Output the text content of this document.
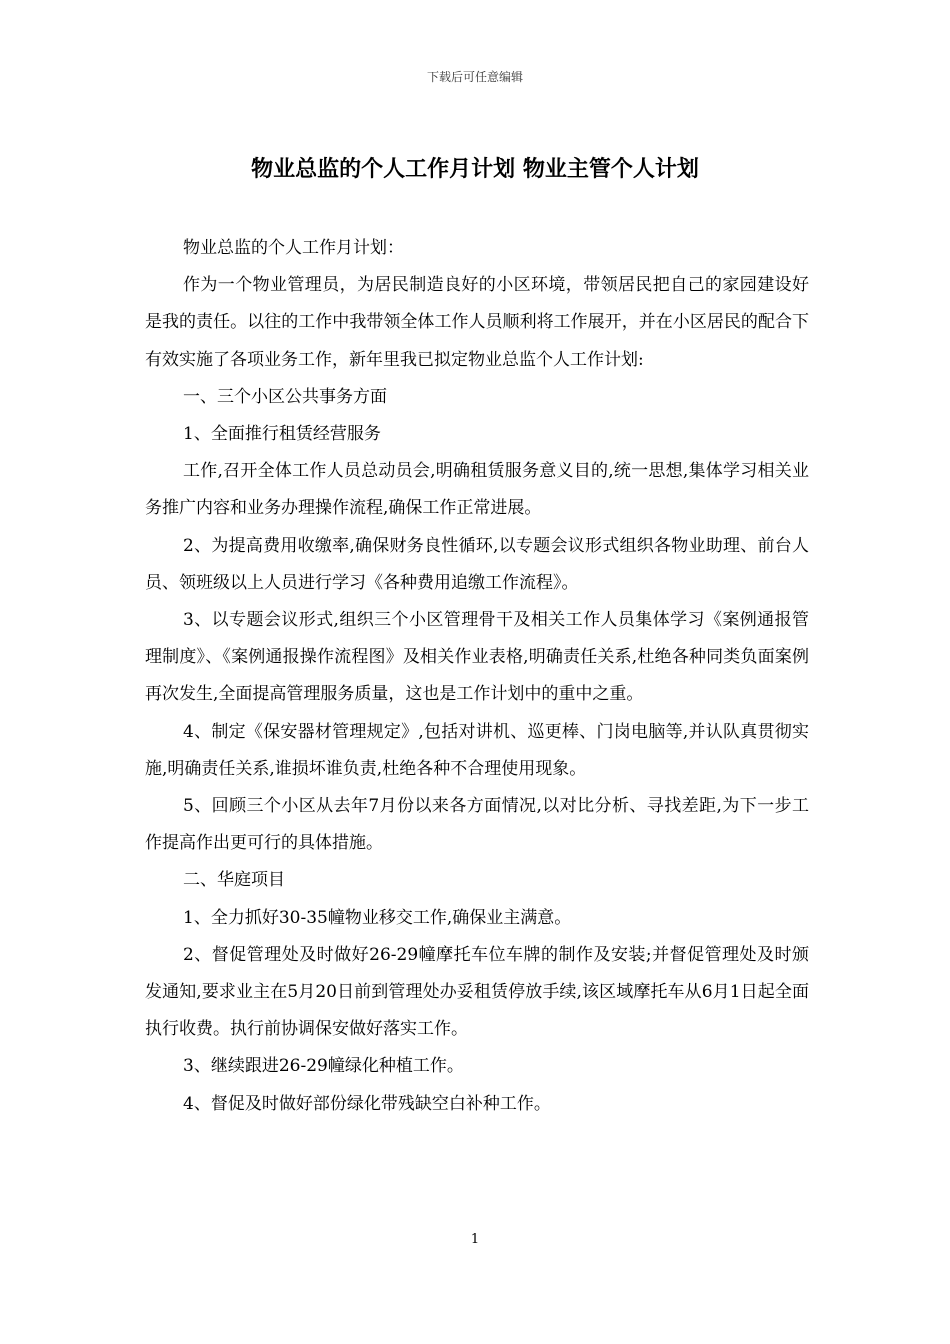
下载后可任意编辑
物业总监的个人工作月计划 物业主管个人计划

物业总监的个人工作月计划：

作为一个物业管理员，为居民制造良好的小区环境，带领居民把自己的家园建设好是我的责任。以往的工作中我带领全体工作人员顺利将工作展开，并在小区居民的配合下有效实施了各项业务工作，新年里我已拟定物业总监个人工作计划:

一、三个小区公共事务方面

1、全面推行租赁经营服务

工作,召开全体工作人员总动员会,明确租赁服务意义目的,统一思想,集体学习相关业务推广内容和业务办理操作流程,确保工作正常进展。

2、为提高费用收缴率,确保财务良性循环,以专题会议形式组织各物业助理、前台人员、领班级以上人员进行学习《各种费用追缴工作流程》。

3、以专题会议形式,组织三个小区管理骨干及相关工作人员集体学习《案例通报管理制度》、《案例通报操作流程图》及相关作业表格,明确责任关系,杜绝各种同类负面案例再次发生,全面提高管理服务质量，这也是工作计划中的重中之重。

4、制定《保安器材管理规定》,包括对讲机、巡更棒、门岗电脑等,并认队真贯彻实施,明确责任关系,谁损坏谁负责,杜绝各种不合理使用现象。

5、回顾三个小区从去年7月份以来各方面情况,以对比分析、寻找差距,为下一步工作提高作出更可行的具体措施。

二、华庭项目

1、全力抓好30-35幢物业移交工作,确保业主满意。

2、督促管理处及时做好26-29幢摩托车位车牌的制作及安装;并督促管理处及时颁发通知,要求业主在5月20日前到管理处办妥租赁停放手续,该区域摩托车从6月1日起全面执行收费。执行前协调保安做好落实工作。

3、继续跟进26-29幢绿化种植工作。

4、督促及时做好部份绿化带残缺空白补种工作。

1
